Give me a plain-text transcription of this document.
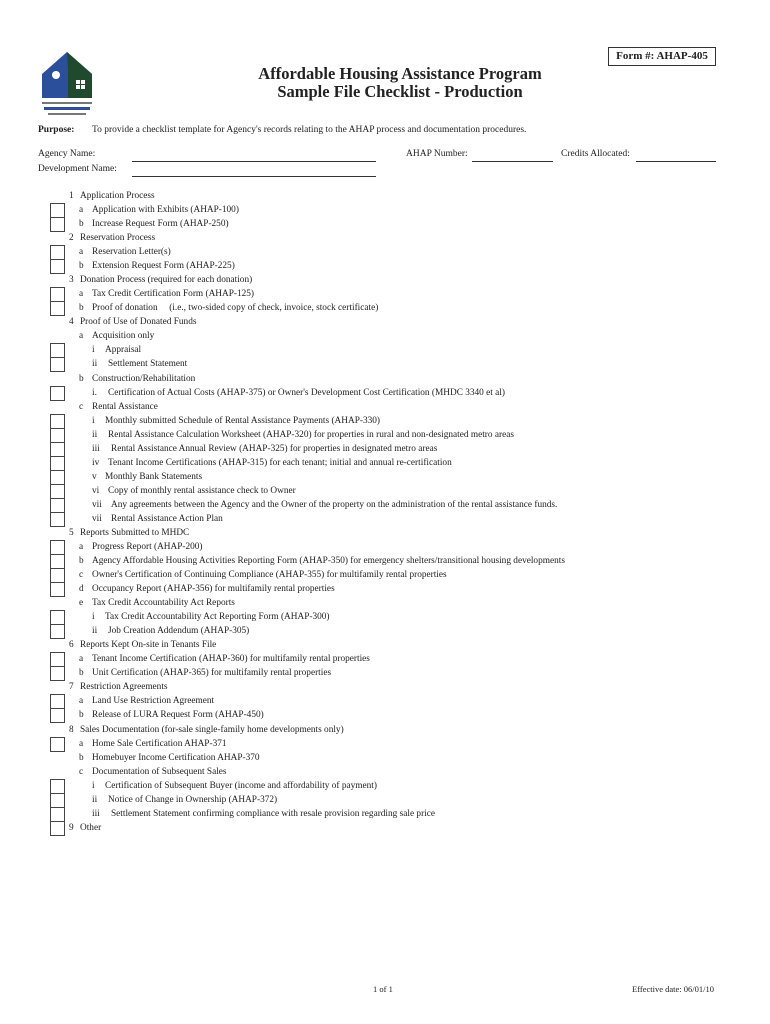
Form #: AHAP-405
Affordable Housing Assistance Program
Sample File Checklist - Production
Purpose: To provide a checklist template for Agency's records relating to the AHAP process and documentation procedures.
Agency Name:	AHAP Number:	Credits Allocated:
Development Name:
1 Application Process
a Application with Exhibits (AHAP-100)
b Increase Request Form (AHAP-250)
2 Reservation Process
a Reservation Letter(s)
b Extension Request Form (AHAP-225)
3 Donation Process (required for each donation)
a Tax Credit Certification Form (AHAP-125)
b Proof of donation     (i.e., two-sided copy of check, invoice, stock certificate)
4 Proof of Use of Donated Funds
a Acquisition only
i Appraisal
ii Settlement Statement
b Construction/Rehabilitation
i. Certification of Actual Costs (AHAP-375) or Owner's Development Cost Certification (MHDC 3340 et al)
c Rental Assistance
i Monthly submitted Schedule of Rental Assistance Payments (AHAP-330)
ii Rental Assistance Calculation Worksheet (AHAP-320) for properties in rural and non-designated metro areas
iii Rental Assistance Annual Review (AHAP-325) for properties in designated metro areas
iv Tenant Income Certifications (AHAP-315) for each tenant; initial and annual re-certification
v Monthly Bank Statements
vi Copy of monthly rental assistance check to Owner
vii Any agreements between the Agency and the Owner of the property on the administration of the rental assistance funds.
vii Rental Assistance Action Plan
5 Reports Submitted to MHDC
a Progress Report (AHAP-200)
b Agency Affordable Housing Activities Reporting Form (AHAP-350) for emergency shelters/transitional housing developments
c Owner's Certification of Continuing Compliance (AHAP-355) for multifamily rental properties
d Occupancy Report (AHAP-356) for multifamily rental properties
e Tax Credit Accountability Act Reports
i Tax Credit Accountability Act Reporting Form (AHAP-300)
ii Job Creation Addendum (AHAP-305)
6 Reports Kept On-site in Tenants File
a Tenant Income Certification (AHAP-360) for multifamily rental properties
b Unit Certification (AHAP-365) for multifamily rental properties
7 Restriction Agreements
a Land Use Restriction Agreement
b Release of LURA Request Form (AHAP-450)
8 Sales Documentation (for-sale single-family home developments only)
a Home Sale Certification AHAP-371
b Homebuyer Income Certification AHAP-370
c Documentation of Subsequent Sales
i Certification of Subsequent Buyer (income and affordability of payment)
ii Notice of Change in Ownership (AHAP-372)
iii Settlement Statement confirming compliance with resale provision regarding sale price
9 Other
1 of 1	Effective date: 06/01/10
